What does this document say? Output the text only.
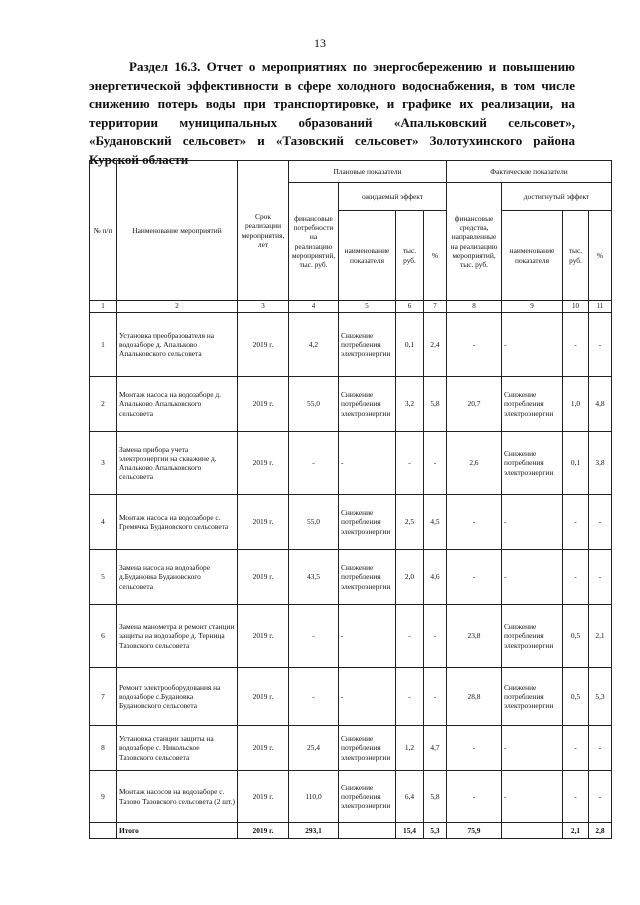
13
Раздел 16.3. Отчет о мероприятиях по энергосбережению и повышению энергетической эффективности в сфере холодного водоснабжения, в том числе снижению потерь воды при транспортировке, и графике их реализации, на территории муниципальных образований «Апальковский сельсовет», «Будановский сельсовет» и «Тазовский сельсовет» Золотухинского района Курской области
№ п/п	Наименование мероприятий	Срок реализации мероприятия, лет	Плановые показатели				Фактические показатели			
			финансовые потребности на реализацию мероприятий, тыс. руб.	ожидаемый эффект			финансовые средства, направленные на реализацию мероприятий, тыс. руб.	достигнутый эффект		
				наименование показателя	тыс. руб.	%		наименование показателя	тыс. руб.	%
1	2	3	4	5	6	7	8	9	10	11
1	Установка преобразователя на водозаборе д. Апальково Апальковского сельсовета	2019 г.	4,2	Снижение потребления электроэнергии	0,1	2,4	-	-	-	-
2	Монтаж насоса на водозаборе д. Апальково Апальковского сельсовета	2019 г.	55,0	Снижение потребления электроэнергии	3,2	5,8	20,7	Снижение потребления электроэнергии	1,0	4,8
3	Замена прибора учета электроэнергии на скважине д. Апальково Апальковского сельсовета	2019 г.	-	-	-	-	2,6	Снижение потребления электроэнергии	0,1	3,8
4	Монтаж насоса на водозаборе с. Гремячка Будановского сельсовета	2019 г.	55,0	Снижение потребления электроэнергии	2,5	4,5	-	-	-	-
5	Замена насоса на водозаборе д.Будановка Будановского сельсовета	2019 г.	43,5	Снижение потребления электроэнергии	2,0	4,6	-	-	-	-
6	Замена манометра и ремонт станции защиты на водозаборе д. Терница Тазовского сельсовета	2019 г.	-	-	-	-	23,8	Снижение потребления электроэнергии	0,5	2,1
7	Ремонт электрооборудования на водозаборе с.Будановка Будановского сельсовета	2019 г.	-	-	-	-	28,8	Снижение потребления электроэнергии	0,5	5,3
8	Установка станции защиты на водозаборе с. Никольское Тазовского сельсовета	2019 г.	25,4	Снижение потребления электроэнергии	1,2	4,7	-	-	-	-
9	Монтаж насосов на водозаборе с. Тазово Тазовского сельсовета (2 шт.)	2019 г.	110,0	Снижение потребления электроэнергии	6,4	5,8	-	-	-	-
	Итого	2019 г.	293,1		15,4	5,3	75,9		2,1	2,8
